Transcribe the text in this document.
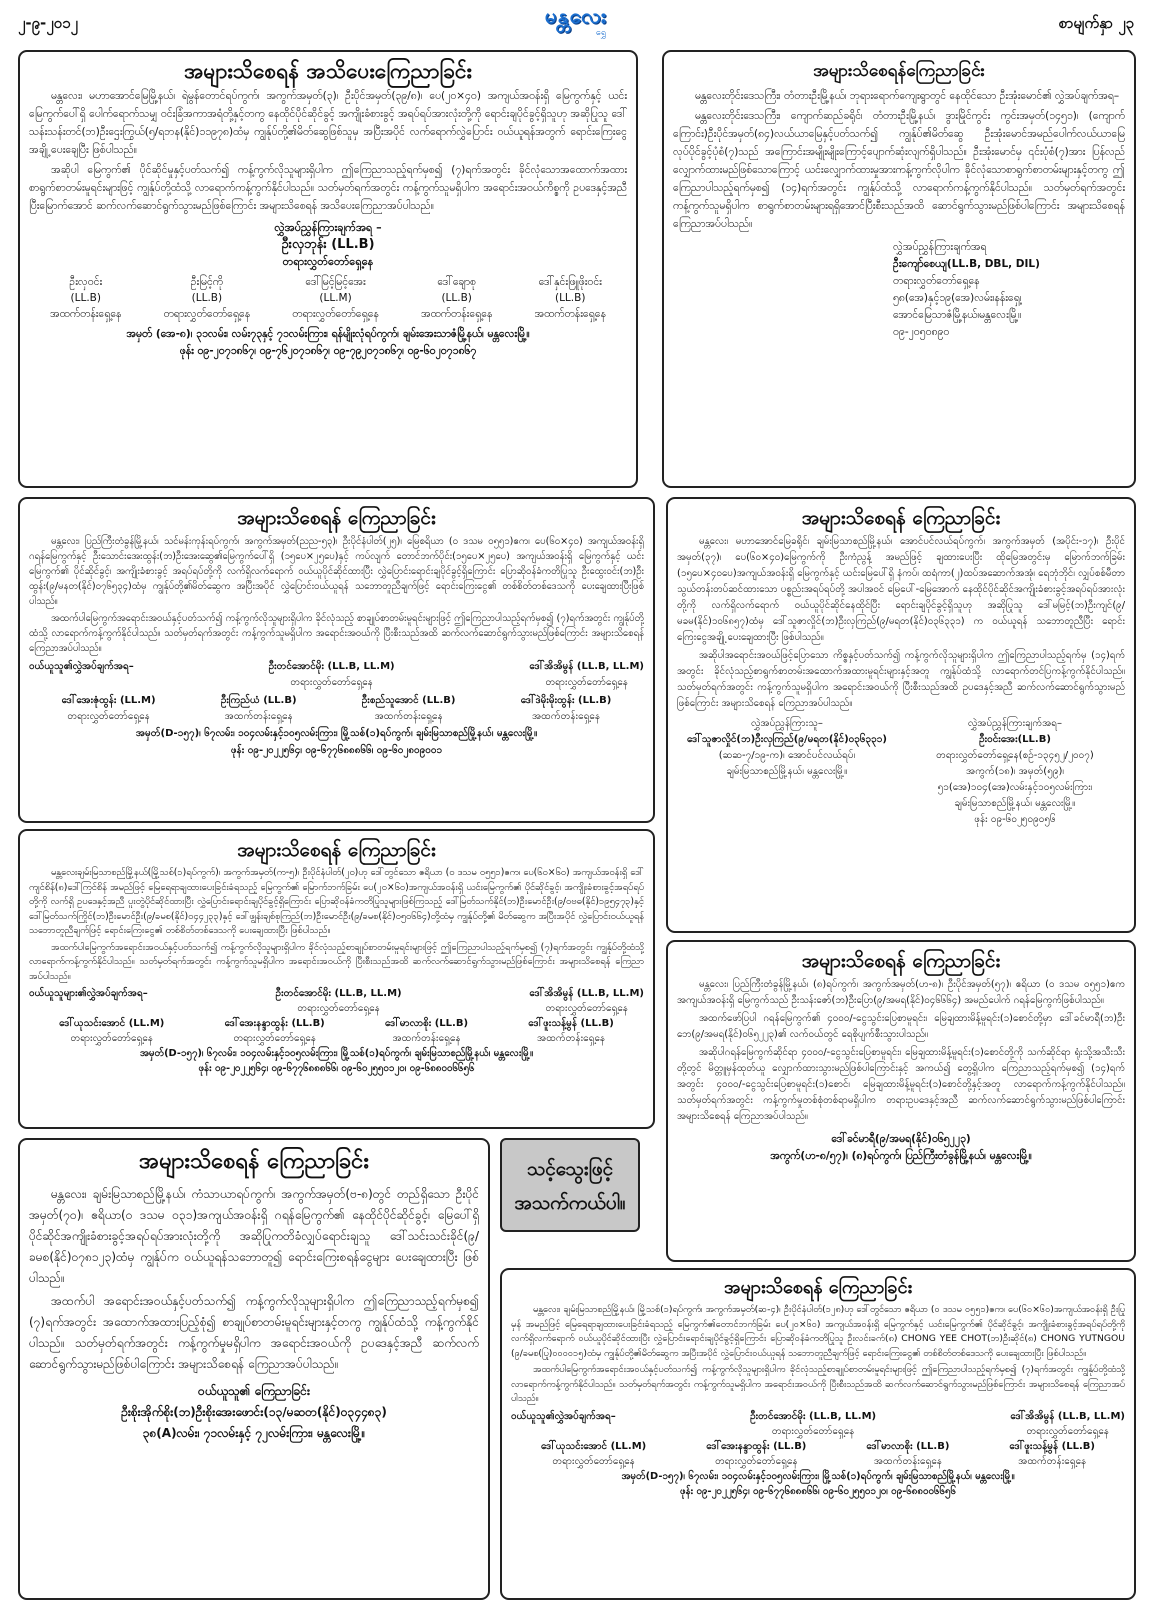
၂-၉-၂၀၁၂	မန္တလေး
ရွှေ
စာမျက်နှာ ၂၃
အများသိစေရန် အသိပေးကြေညာခြင်း

မန္တလေး၊ မဟာအောင်မြေမြို့နယ်၊ ရဲမွန်တောင်ရပ်ကွက်၊ အကွက်အမှတ်(၃)၊ ဦးပိုင်အမှတ်(၃၉/၈)၊ ပေ(၂၀×၄၀) အကျယ်အဝန်းရှိ မြေကွက်နှင့် ယင်းမြေကွက်ပေါ်ရှိ ပေါက်ရောက်သမျှ ဝင်းခြံအကာအရံတို့နှင့်တကွ နေထိုင်ပိုင်ဆိုင်ခွင့် အကျိုးခံစားခွင့် အရပ်ရပ်အားလုံးတို့ကို ရောင်းချပိုင်ခွင့်ရှိသူဟု အဆိုပြုသူ ဒေါ်သန်းသန်းတင်(ဘ)ဦးဌေးကြွယ်(၅/ရဘန(နိုင်)၁၁၉၇၈)ထံမှ ကျွန်ုပ်တို့၏မိတ်ဆွေဖြစ်သူမှ အပြီးအပိုင် လက်ရောက်လွှဲပြောင်း ဝယ်ယူရန်အတွက် ရောင်းကြေးငွေအချို့ ပေးချေပြီး ဖြစ်ပါသည်။

အဆိုပါ မြေကွက်၏ ပိုင်ဆိုင်မှုနှင့်ပတ်သက်၍ ကန့်ကွက်လိုသူများရှိပါက ဤကြေညာသည့်ရက်မှစ၍ (၇)ရက်အတွင်း ခိုင်လုံသောအထောက်အထား စာရွက်စာတမ်းမူရင်းများဖြင့် ကျွန်ုပ်တို့ထံသို့ လာရောက်ကန့်ကွက်နိုင်ပါသည်။ သတ်မှတ်ရက်အတွင်း ကန့်ကွက်သူမရှိပါက အရောင်းအဝယ်ကိစ္စကို ဥပဒေနှင့်အညီ ပြီးမြောက်အောင် ဆက်လက်ဆောင်ရွက်သွားမည်ဖြစ်ကြောင်း အများသိစေရန် အသိပေးကြေညာအပ်ပါသည်။

လွှဲအပ်ညွှန်ကြားချက်အရ –
ဦးလှဘုန်း (LL.B)
တရားလွှတ်တော်ရှေ့နေ
ဦးလှဝင်း
(LL.B)
အထက်တန်းရှေ့နေ
ဦးမြင့်ကို
(LL.B)
တရားလွှတ်တော်ရှေ့နေ
ဒေါ်မြင့်မြင့်အေး
(LL.M)
တရားလွှတ်တော်ရှေ့နေ
ဒေါ်ချောစု
(LL.B)
အထက်တန်းရှေ့နေ
ဒေါ်နှင်းဖြူဖိုးဝင်း
(LL.B)
အထက်တန်းရှေ့နေ
အမှတ် (အေ-၈)၊ ၃၁လမ်း၊ လမ်း၇၃နှင့် ၇၁လမ်းကြား၊ ရန်မျိုးလုံရပ်ကွက်၊ ချမ်းအေးသာဇံမြို့နယ်၊ မန္တလေးမြို့။
ဖုန်း ၀၉-၂၀၇၁၈၆၇၊ ၀၉-၇၆၂၀၇၁၈၆၇၊ ၀၉-၇၉၂၀၇၁၈၆၇၊ ၀၉-၆၀၂၀၇၁၈၆၇
အများသိစေရန်ကြေညာခြင်း

မန္တလေးတိုင်းဒေသကြီး၊ တံတားဦးမြို့နယ်၊ ဘုရားရောက်ကျေးရွာတွင် နေထိုင်သော ဦးအုံးမောင်၏ လွှဲအပ်ချက်အရ–

မန္တလေးတိုင်းဒေသကြီး၊ ကျောက်ဆည်ခရိုင်၊ တံတားဦးမြို့နယ်၊ ဒွားမြိုင်ကွင်း ကွင်းအမှတ်(၁၄၅၁)၊ (ကျောက်ကြောင်း)ဦးပိုင်အမှတ်(၈၄)လယ်ယာမြေနှင့်ပတ်သက်၍ ကျွန်ုပ်၏မိတ်ဆွေ ဦးအုံးမောင်အမည်ပေါက်လယ်ယာမြေလုပ်ပိုင်ခွင့်ပုံစံ(၇)သည် အကြောင်းအမျိုးမျိုးကြောင့်ပျောက်ဆုံးလျက်ရှိပါသည်။ ဦးအုံးမောင်မှ ၎င်းပုံစံ(၇)အား ပြန်လည်လျှောက်ထားမည်ဖြစ်သောကြောင့် ယင်းလျှောက်ထားမှုအားကန့်ကွက်လိုပါက ခိုင်လုံသောစာရွက်စာတမ်းများနှင့်တကွ ဤကြေညာပါသည့်ရက်မှစ၍ (၁၄)ရက်အတွင်း ကျွန်ုပ်ထံသို့ လာရောက်ကန့်ကွက်နိုင်ပါသည်။ သတ်မှတ်ရက်အတွင်း ကန့်ကွက်သူမရှိပါက စာရွက်စာတမ်းများရရှိအောင်ပြီးစီးသည်အထိ ဆောင်ရွက်သွားမည်ဖြစ်ပါကြောင်း အများသိစေရန်ကြေညာအပ်ပါသည်။

လွှဲအပ်ညွှန်ကြားချက်အရ
ဦးကျော်စေယျ(LL.B, DBL, DIL)
တရားလွှတ်တော်ရှေ့နေ
၅၈(အေ)နှင့်၁၉(အေ)လမ်း၊နန်းရှေ့၊
အောင်မြေသာဇံမြို့နယ်၊မန္တလေးမြို့။
၀၉-၂၀၅၀၈၉၀
အများသိစေရန် ကြေညာခြင်း

မန္တလေး၊ ပြည်ကြီးတံခွန်မြို့နယ်၊ သင်မန်းကုန်းရပ်ကွက်၊ အကွက်အမှတ်(ညည-၅၃)၊ ဦးပိုင်နံပါတ်(၂၅)၊ မြေစရိယာ (၀ ဒသမ ၀၅၅၁)ဧက၊ ပေ(၆၀×၄၀) အကျယ်အဝန်းရှိ ဂရန်မြေကွက်နှင့် ဦးသောင်းအေးထွန်း(ဘ)ဦးအေးဆွေ၏မြေကွက်ပေါ်ရှိ (၁၅ပေ×၂၅ပေ)နှင့် ကပ်လျက် တောင်ဘက်ပိုင်း(၁၅ပေ×၂၅ပေ) အကျယ်အဝန်းရှိ မြေကွက်နှင့် ယင်းမြေကွက်၏ ပိုင်ဆိုင်ခွင့်၊ အကျိုးခံစားခွင့် အရပ်ရပ်တို့ကို လက်ရှိလက်ရောက် ဝယ်ယူပိုင်ဆိုင်ထားပြီး လွှဲပြောင်းရောင်းချပိုင်ခွင့်ရှိကြောင်း ပြောဆိုဝန်ခံကတိပြုသူ ဦးထွေးဝင်း(ဘ)ဦးထွန်း(၉/မနတ(နိုင်)၀၇၆၅၃၄)ထံမှ ကျွန်ုပ်တို့၏မိတ်ဆွေက အပြီးအပိုင် လွှဲပြောင်းဝယ်ယူရန် သဘောတူညီချက်ဖြင့် ရောင်းကြေးငွေ၏ တစ်စိတ်တစ်ဒေသကို ပေးချေထားပြီးဖြစ်ပါသည်။

အထက်ပါမြေကွက်အရောင်းအဝယ်နှင့်ပတ်သက်၍ ကန့်ကွက်လိုသူများရှိပါက ခိုင်လုံသည့် စာချုပ်စာတမ်းမူရင်းများဖြင့် ဤကြေညာပါသည့်ရက်မှစ၍ (၇)ရက်အတွင်း ကျွန်ုပ်တို့ထံသို့ လာရောက်ကန့်ကွက်နိုင်ပါသည်။ သတ်မှတ်ရက်အတွင်း ကန့်ကွက်သူမရှိပါက အရောင်းအဝယ်ကို ပြီးစီးသည်အထိ ဆက်လက်ဆောင်ရွက်သွားမည်ဖြစ်ကြောင်း အများသိစေရန် ကြေညာအပ်ပါသည်။

ဝယ်ယူသူ၏လွှဲအပ်ချက်အရ–	ဦးတင်အောင်မိုး (LL.B, LL.M)
တရားလွှတ်တော်ရှေ့နေ
ဒေါ်အိအိမွန် (LL.B, LL.M)
တရားလွှတ်တော်ရှေ့နေ
ဒေါ်အေးဇုံထွန်း (LL.M)
တရားလွှတ်တော်ရှေ့နေ
ဦးကြည်ယံ (LL.B)
အထက်တန်းရှေ့နေ
ဦးစည်သူအောင် (LL.B)
အထက်တန်းရှေ့နေ
ဒေါ်ဒဲမိုးမိုးထွန်း (LL.B)
အထက်တန်းရှေ့နေ
အမှတ်(D-၁၅၇)၊ ၆၇လမ်း၊ ၁၀၄လမ်းနှင့်၁၀၅လမ်းကြား၊ မြို့သစ်(၁)ရပ်ကွက်၊ ချမ်းမြသာစည်မြို့နယ်၊ မန္တလေးမြို့။
ဖုန်း ၀၉-၂၀၂၂၅၆၄၊ ၀၉-၆၇၇၆၈၈၈၆၆၊ ၀၉-၆၀၂၈၀၉၀၀၁
အများသိစေရန် ကြေညာခြင်း

မန္တလေး၊ မဟာအောင်မြေခရိုင်၊ ချမ်းမြသာစည်မြို့နယ်၊ အောင်ပင်လယ်ရပ်ကွက်၊ အကွက်အမှတ် (အပိုင်း-၁၇)၊ ဦးပိုင်အမှတ်(၃၇)၊ ပေ(၆၀×၄၀)မြေကွက်ကို ဦးကံညွန့် အမည်ဖြင့် ချထားပေးပြီး ထိုမြေအတွင်းမှ မြောက်ဘက်ခြမ်း (၁၅ပေ×၄၀ပေ)အကျယ်အဝန်းရှိ မြေကွက်နှင့် ယင်းမြေပေါ်ရှိ နံကပ်၊ ထရံကာ(၂)ထပ်အဆောက်အအုံ၊ ရေဘုံဘိုင်၊ လျှပ်စစ်မီတာ သွယ်တန်းတပ်ဆင်ထားသော ပစ္စည်းအရပ်ရပ်တို့ အပါအဝင် မြေပေါ်-မြေအောက် နေထိုင်ပိုင်ဆိုင်အကျိုးခံစားခွင့်အရပ်ရပ်အားလုံးတို့ကို လက်ရှိလက်ရောက် ဝယ်ယူပိုင်ဆိုင်နေထိုင်ပြီး ရောင်းချပိုင်ခွင့်ရှိသူဟု အဆိုပြုသူ ဒေါ်မမြင့်(ဘ)ဦးကျင်(၉/မခမ(နိုင်)၁၀၆၈၅၇)ထံမှ ဒေါ်သူဇာလှိုင်(ဘ)ဦးလှကြည်(၉/မရတ(နိုင်)၀၃၆၃၃၁) က ဝယ်ယူရန် သဘောတူညီပြီး ရောင်းကြေးငွေအချို့ ပေးချေထားပြီး ဖြစ်ပါသည်။

အဆိုပါအရောင်းအဝယ်ဖြင့်ပြောသော ကိစ္စနှင့်ပတ်သက်၍ ကန့်ကွက်လိုသူများရှိပါက ဤကြေညာပါသည့်ရက်မှ (၁၄)ရက်အတွင်း ခိုင်လုံသည့်စာရွက်စာတမ်းအထောက်အထားမူရင်းများနှင့်အတူ ကျွန်ုပ်ထံသို့ လာရောက်တင်ပြကန့်ကွက်နိုင်ပါသည်။ သတ်မှတ်ရက်အတွင်း ကန့်ကွက်သူမရှိပါက အရောင်းအဝယ်ကို ပြီးစီးသည်အထိ ဥပဒေနှင့်အညီ ဆက်လက်ဆောင်ရွက်သွားမည်ဖြစ်ကြောင်း အများသိစေရန် ကြေညာအပ်ပါသည်။

လွှဲအပ်ညွှန်ကြားသူ–
ဒေါ်သူဇာလှိုင်(ဘ)ဦးလှကြည်(၉/မရတ(နိုင်)၀၃၆၃၃၁)
(ဆဆ-၇/၁၉-က)၊ အောင်ပင်လယ်ရပ်၊
ချမ်းမြသာစည်မြို့နယ်၊ မန္တလေးမြို့။
လွှဲအပ်ညွှန်ကြားချက်အရ–
ဦးဝင်းအေး(LL.B)
တရားလွှတ်တော်ရှေ့နေ(စဉ်-၁၃၄၅၂/၂၀၀၇)
အကွက်(၁၈)၊ အမှတ်(၅၉)၊
၅၁(အေ)၁၀၄(အေ)လမ်းနှင့်၁၀၅လမ်းကြား၊
ချမ်းမြသာစည်မြို့နယ်၊ မန္တလေးမြို့။
ဖုန်း ၀၉-၆၀၂၅၀၉၀၅၆
အများသိစေရန် ကြေညာခြင်း

မန္တလေးချမ်းမြသာစည်မြို့နယ်(မြို့သစ်(၁)ရပ်ကွက်)၊ အကွက်အမှတ်(က-၅)၊ ဦးပိုင်နံပါတ်(၂၀)ဟု ဒေါ်တွင်သော ဧရိယာ (၀ ဒသမ ၀၅၅၁)ဧက၊ ပေ(၆၀×၆၀) အကျယ်အဝန်းရှိ ဒေါ်ကျင်စိန်(၈)ဒေါ်ကြင်စိန် အမည်ဖြင့် မြေရေရာချထားပေးခြင်းခံရသည့် မြေကွက်၏ မြောက်ဘက်ခြမ်း ပေ(၂၀×၆၀)အကျယ်အဝန်းရှိ ယင်းမြေကွက်၏ ပိုင်ဆိုင်ခွင့်၊ အကျိုးခံစားခွင့်အရပ်ရပ်တို့ကို လက်ရှိ ဥပဒေနှင့်အညီ ပူးတွဲပိုင်ဆိုင်ထားပြီး လွှဲပြောင်းရောင်းချပိုင်ခွင့်ရှိကြောင်း ပြောဆိုဝန်ခံကတိပြုသူများဖြစ်ကြသည့် ဒေါ်မြတ်သက်နိုင်(ဘ)ဦးမောင်ဦး(၉/၀ဗဓ(နိုင်)၁၉၅၄၇၃)နှင့် ဒေါ်မြတ်သက်ကြိုင်(ဘ)ဦးမောင်ဦး(၉/ခမစ(နိုင်)၀၄၄၂၃၃)နှင့် ဒေါ်ဖျွန်းချစ်စုကြည်(ဘ)ဦးမောင်ဦး(၉/ခမစ(နိုင်)၀၅၀၆၆၄)တို့ထံမှ ကျွန်ုပ်တို့၏ မိတ်ဆွေက အပြီးအပိုင် လွှဲပြောင်းဝယ်ယူရန် သဘောတူညီချက်ဖြင့် ရောင်းကြေးငွေ၏ တစ်စိတ်တစ်ဒေသကို ပေးချေထားပြီး ဖြစ်ပါသည်။

အထက်ပါမြေကွက်အရောင်းအဝယ်နှင့်ပတ်သက်၍ ကန့်ကွက်လိုသူများရှိပါက ခိုင်လုံသည့်စာချုပ်စာတမ်းမူရင်းများဖြင့် ဤကြေညာပါသည့်ရက်မှစ၍ (၇)ရက်အတွင်း ကျွန်ုပ်တို့ထံသို့ လာရောက်ကန့်ကွက်နိုင်ပါသည်။ သတ်မှတ်ရက်အတွင်း ကန့်ကွက်သူမရှိပါက အရောင်းအဝယ်ကို ပြီးစီးသည်အထိ ဆက်လက်ဆောင်ရွက်သွားမည်ဖြစ်ကြောင်း အများသိစေရန် ကြေညာအပ်ပါသည်။

ဝယ်ယူသူများ၏လွှဲအပ်ချက်အရ–	ဦးတင်အောင်မိုး (LL.B, LL.M)
တရားလွှတ်တော်ရှေ့နေ
ဒေါ်အိအိမွန် (LL.B, LL.M)
တရားလွှတ်တော်ရှေ့နေ
ဒေါ်ယုသင်းအောင် (LL.M)
တရားလွှတ်တော်ရှေ့နေ
ဒေါ်အေးနန္ဒာထွန်း (LL.B)
တရားလွှတ်တော်ရှေ့နေ
ဒေါ်မာလာစိုး (LL.B)
အထက်တန်းရှေ့နေ
ဒေါ်ဖူးသန့်မွန် (LL.B)
အထက်တန်းရှေ့နေ
အမှတ်(D-၁၅၇)၊ ၆၇လမ်း၊ ၁၀၄လမ်းနှင့်၁၀၅လမ်းကြား၊ မြို့သစ်(၁)ရပ်ကွက်၊ ချမ်းမြသာစည်မြို့နယ်၊ မန္တလေးမြို့။
ဖုန်း ၀၉-၂၀၂၂၅၆၄၊ ၀၉-၆၇၇၆၈၈၈၆၆၊ ၀၉-၆၀၂၅၅၀၁၂၀၊ ၀၉-၆၈၈၀၀၆၆၅၆
အများသိစေရန် ကြေညာခြင်း

မန္တလေး၊ ပြည်ကြီးတံခွန်မြို့နယ်၊ (၈)ရပ်ကွက်၊ အကွက်အမှတ်(ဟ-၈)၊ ဦးပိုင်အမှတ်(၅၇)၊ ဧရိယာ (၀ ဒသမ ၀၅၅၁)ဧက အကျယ်အဝန်းရှိ မြေကွက်သည် ဦးသန်းဇော်(ဘ)ဦးပြော(၉/အမရ(နိုင်)၀၄၆၆၆၄) အမည်ပေါက် ဂရန်မြေကွက်ဖြစ်ပါသည်။

အထက်ဖော်ပြပါ ဂရန်မြေကွက်၏ ၄၀၀၀/-ငွေသွင်းပြေစာမူရင်း၊ မြေချထားမိန့်မူရင်း(၁)စောင်တို့မှာ ဒေါ်ခင်မာရီ(ဘ)ဦးဘေ(၉/အမရ(နိုင်)၀၆၅၂၂၃)၏ လက်ဝယ်တွင် ရေစိုပျက်စီးသွားပါသည်။

အဆိုပါဂရန်မြေကွက်ဆိုင်ရာ ၄၀၀၀/-ငွေသွင်းပြေစာမူရင်း၊ မြေချထားမိန့်မူရင်း(၁)စောင်တို့ကို သက်ဆိုင်ရာ ရုံးသို့အသီးသီးတို့တွင် မိတ္တူမှန်ထုတ်ယူ လျှောက်ထားသွားမည်ဖြစ်ပါကြောင်းနှင့် အကယ်၍ တွေ့ရှိပါက ကြေညာသည့်ရက်မှစ၍ (၁၄)ရက်အတွင်း ၄၀၀၀/-ငွေသွင်းပြေစာမူရင်း(၁)စောင်၊ မြေချထားမိန့်မူရင်း(၁)စောင်တို့နှင့်အတူ လာရောက်ကန့်ကွက်နိုင်ပါသည်။ သတ်မှတ်ရက်အတွင်း ကန့်ကွက်မှုတစ်စုံတစ်ရာမရှိပါက တရားဥပဒေနှင့်အညီ ဆက်လက်ဆောင်ရွက်သွားမည်ဖြစ်ပါကြောင်း အများသိစေရန် ကြေညာအပ်ပါသည်။

ဒေါ်ခင်မာရီ(၉/အမရ(နိုင်)၀၆၅၂၂၃)
အကွက်(ဟ-၈/၅၇)၊ (၈)ရပ်ကွက်၊ ပြည်ကြီးတံခွန်မြို့နယ်၊ မန္တလေးမြို့။
အများသိစေရန် ကြေညာခြင်း

မန္တလေး၊ ချမ်းမြသာစည်မြို့နယ်၊ ကံသာယာရပ်ကွက်၊ အကွက်အမှတ်(ဗ-၈)တွင် တည်ရှိသော ဦးပိုင်အမှတ်(၇၀)၊ ဧရိယာ(၀ ဒသမ ၀၃၁)အကျယ်အဝန်းရှိ ဂရန်မြေကွက်၏ နေထိုင်ပိုင်ဆိုင်ခွင့်၊ မြေပေါ်ရှိ ပိုင်ဆိုင်အကျိုးခံစားခွင့်အရပ်ရပ်အားလုံးတို့ကို အဆိုပြုကတိခံလျှပ်ရောင်းချသူ ဒေါ်သင်းသင်းခိုင်(၉/ခမစ(နိုင်)၀၇၈၁၂၃)ထံမှ ကျွန်ုပ်က ဝယ်ယူရန်သဘောတူ၍ ရောင်းကြေးစရန်ငွေများ ပေးချေထားပြီး ဖြစ်ပါသည်။

အထက်ပါ အရောင်းအဝယ်နှင့်ပတ်သက်၍ ကန့်ကွက်လိုသူများရှိပါက ဤကြေညာသည့်ရက်မှစ၍ (၇)ရက်အတွင်း အထောက်အထားပြည့်စုံ၍ စာချုပ်စာတမ်းမူရင်းများနှင့်တကွ ကျွန်ုပ်ထံသို့ ကန့်ကွက်နိုင်ပါသည်။ သတ်မှတ်ရက်အတွင်း ကန့်ကွက်မှုမရှိပါက အရောင်းအဝယ်ကို ဥပဒေနှင့်အညီ ဆက်လက်ဆောင်ရွက်သွားမည်ဖြစ်ပါကြောင်း အများသိစေရန် ကြေညာအပ်ပါသည်။

ဝယ်ယူသူ၏ ကြေညာခြင်း
ဦးစိုးအိုက်စိုး(ဘ)ဦးစိုးအေးဖောင်း(၁၃/မဆတ(နိုင်)၀၃၄၄၈၃)
၃၈(A)လမ်း၊ ၇၁လမ်းနှင့် ၇၂လမ်းကြား၊ မန္တလေးမြို့။
သင့်သွေးဖြင့်
အသက်ကယ်ပါ။
အများသိစေရန် ကြေညာခြင်း

မန္တလေး၊ ချမ်းမြသာစည်မြို့နယ်၊ မြို့သစ်(၁)ရပ်ကွက်၊ အကွက်အမှတ်(ဆ-၄)၊ ဦးပိုင်နံပါတ်(၁၂၈)ဟု ဒေါ်တွင်သော ဧရိယာ (၀ ဒသမ ၀၅၅၁)ဧက၊ ပေ(၆၀×၆၀)အကျယ်အဝန်းရှိ ဦးပြုမှန် အမည်ဖြင့် မြေရေရာချထားပေးခြင်းခံရသည့် မြေကွက်၏တောင်ဘက်ခြမ်း ပေ(၂၀×၆၀) အကျယ်အဝန်းရှိ မြေကွက်နှင့် ယင်းမြေကွက်၏ ပိုင်ဆိုင်ခွင့်၊ အကျိုးခံစားခွင့်အရပ်ရပ်တို့ကို လက်ရှိလက်ရောက် ဝယ်ယူပိုင်ဆိုင်ထားပြီး လွှဲပြောင်းရောင်းချပိုင်ခွင့်ရှိကြောင်း ပြောဆိုဝန်ခံကတိပြုသူ ဦးလင်းခက်(၈) CHONG YEE CHOT(ဘ)ဦးဆိုင်(၈) CHONG YUTNGOU (၉/ခမစ(ပြု)၀၀၀၀၁၅)ထံမှ ကျွန်ုပ်တို့၏မိတ်ဆွေက အပြီးအပိုင် လွှဲပြောင်းဝယ်ယူရန် သဘောတူညီချက်ဖြင့် ရောင်းကြေးငွေ၏ တစ်စိတ်တစ်ဒေသကို ပေးချေထားပြီး ဖြစ်ပါသည်။

အထက်ပါမြေကွက်အရောင်းအဝယ်နှင့်ပတ်သက်၍ ကန့်ကွက်လိုသူများရှိပါက ခိုင်လုံသည့်စာချုပ်စာတမ်းမူရင်းများဖြင့် ဤကြေညာပါသည့်ရက်မှစ၍ (၇)ရက်အတွင်း ကျွန်ုပ်တို့ထံသို့ လာရောက်ကန့်ကွက်နိုင်ပါသည်။ သတ်မှတ်ရက်အတွင်း ကန့်ကွက်သူမရှိပါက အရောင်းအဝယ်ကို ပြီးစီးသည်အထိ ဆက်လက်ဆောင်ရွက်သွားမည်ဖြစ်ကြောင်း အများသိစေရန် ကြေညာအပ်ပါသည်။

ဝယ်ယူသူ၏လွှဲအပ်ချက်အရ–	ဦးတင်အောင်မိုး (LL.B, LL.M)
တရားလွှတ်တော်ရှေ့နေ
ဒေါ်အိအိမွန် (LL.B, LL.M)
တရားလွှတ်တော်ရှေ့နေ
ဒေါ်ယုသင်းအောင် (LL.M)
တရားလွှတ်တော်ရှေ့နေ
ဒေါ်အေးနန္ဒာထွန်း (LL.B)
တရားလွှတ်တော်ရှေ့နေ
ဒေါ်မာလာစိုး (LL.B)
အထက်တန်းရှေ့နေ
ဒေါ်ဖူးသန့်မွန် (LL.B)
အထက်တန်းရှေ့နေ
အမှတ်(D-၁၅၇)၊ ၆၇လမ်း၊ ၁၀၄လမ်းနှင့်၁၀၅လမ်းကြား၊ မြို့သစ်(၁)ရပ်ကွက်၊ ချမ်းမြသာစည်မြို့နယ်၊ မန္တလေးမြို့။
ဖုန်း ၀၉-၂၀၂၂၅၆၄၊ ၀၉-၆၇၇၆၈၈၈၆၆၊ ၀၉-၆၀၂၅၅၀၁၂၀၊ ၀၉-၆၈၈၀၀၆၆၅၆
